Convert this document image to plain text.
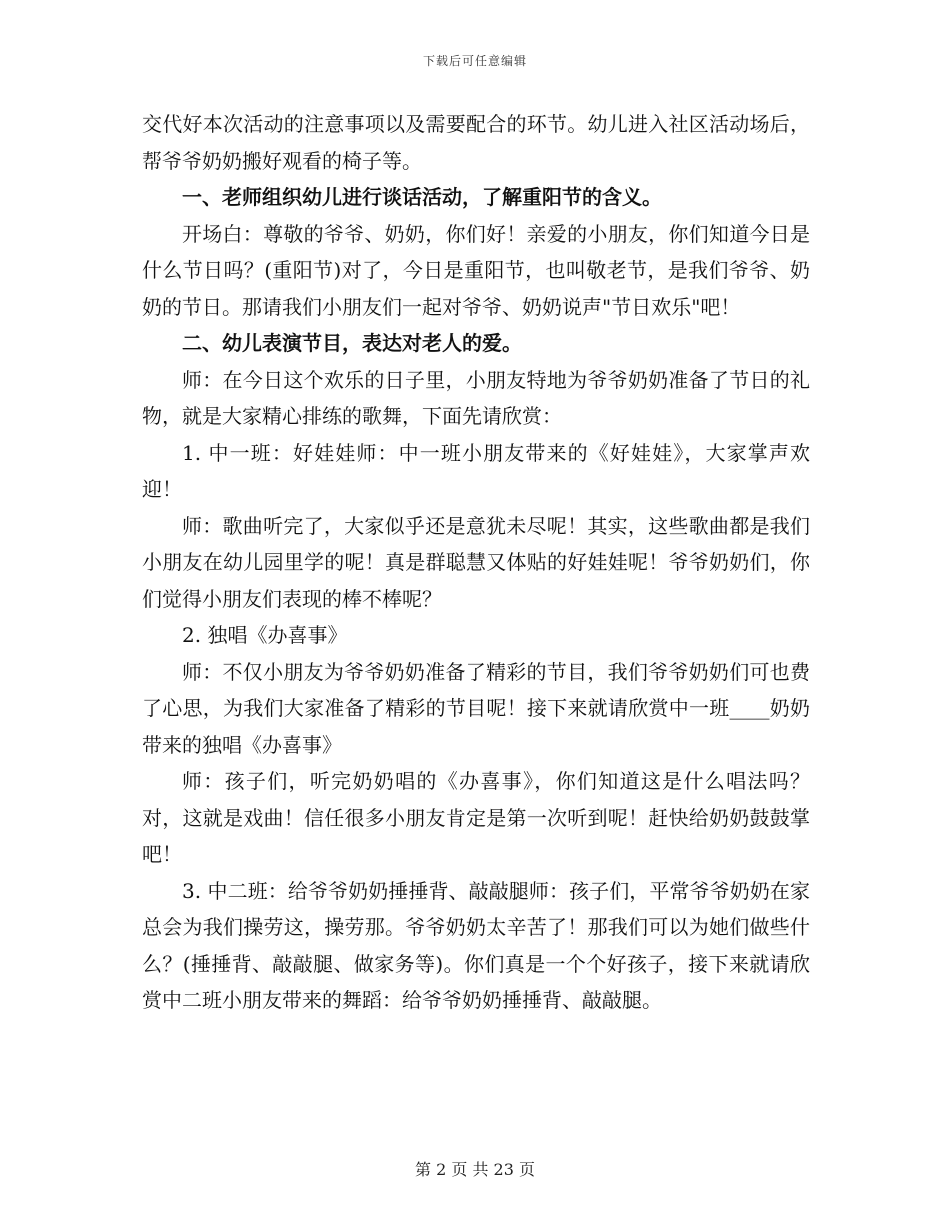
下载后可任意编辑

交代好本次活动的注意事项以及需要配合的环节。幼儿进入社区活动场后，帮爷爷奶奶搬好观看的椅子等。

一、老师组织幼儿进行谈话活动，了解重阳节的含义。

开场白：尊敬的爷爷、奶奶，你们好！亲爱的小朋友，你们知道今日是什么节日吗？(重阳节)对了，今日是重阳节，也叫敬老节，是我们爷爷、奶奶的节日。那请我们小朋友们一起对爷爷、奶奶说声"节日欢乐"吧！

二、幼儿表演节目，表达对老人的爱。

师：在今日这个欢乐的日子里，小朋友特地为爷爷奶奶准备了节日的礼物，就是大家精心排练的歌舞，下面先请欣赏：

1. 中一班：好娃娃师：中一班小朋友带来的《好娃娃》，大家掌声欢迎！

师：歌曲听完了，大家似乎还是意犹未尽呢！其实，这些歌曲都是我们小朋友在幼儿园里学的呢！真是群聪慧又体贴的好娃娃呢！爷爷奶奶们，你们觉得小朋友们表现的棒不棒呢？

2. 独唱《办喜事》

师：不仅小朋友为爷爷奶奶准备了精彩的节目，我们爷爷奶奶们可也费了心思，为我们大家准备了精彩的节目呢！接下来就请欣赏中一班____奶奶带来的独唱《办喜事》

师：孩子们，听完奶奶唱的《办喜事》，你们知道这是什么唱法吗？对，这就是戏曲！信任很多小朋友肯定是第一次听到呢！赶快给奶奶鼓鼓掌吧！

3. 中二班：给爷爷奶奶捶捶背、敲敲腿师：孩子们，平常爷爷奶奶在家总会为我们操劳这，操劳那。爷爷奶奶太辛苦了！那我们可以为她们做些什么？(捶捶背、敲敲腿、做家务等)。你们真是一个个好孩子，接下来就请欣赏中二班小朋友带来的舞蹈：给爷爷奶奶捶捶背、敲敲腿。

第 2 页 共 23 页
